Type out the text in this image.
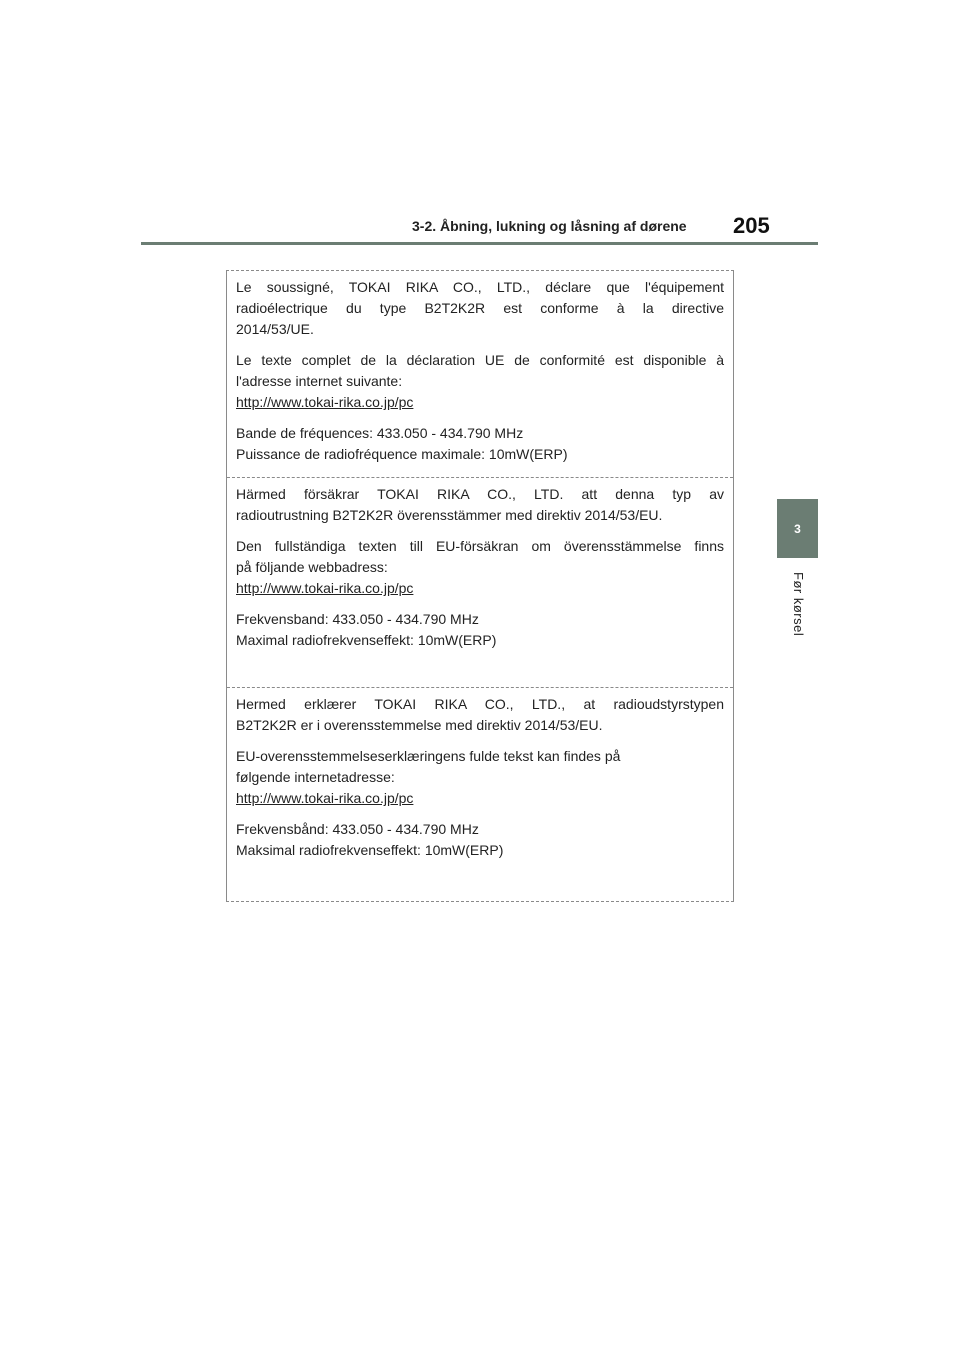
3-2. Åbning, lukning og låsning af dørene 205
3
Før kørsel

Le soussigné, TOKAI RIKA CO., LTD., déclare que l'équipement
radioélectrique du type B2T2K2R est conforme à la directive
2014/53/UE.

Le texte complet de la déclaration UE de conformité est disponible à
l'adresse internet suivante:
http://www.tokai-rika.co.jp/pc

Bande de fréquences: 433.050 - 434.790 MHz
Puissance de radiofréquence maximale: 10mW(ERP)

Härmed försäkrar TOKAI RIKA CO., LTD. att denna typ av
radioutrustning B2T2K2R överensstämmer med direktiv 2014/53/EU.

Den fullständiga texten till EU-försäkran om överensstämmelse finns
på följande webbadress:
http://www.tokai-rika.co.jp/pc

Frekvensband: 433.050 - 434.790 MHz
Maximal radiofrekvenseffekt: 10mW(ERP)

Hermed erklærer TOKAI RIKA CO., LTD., at radioudstyrstypen
B2T2K2R er i overensstemmelse med direktiv 2014/53/EU.

EU-overensstemmelseserklæringens fulde tekst kan findes på
følgende internetadresse:
http://www.tokai-rika.co.jp/pc

Frekvensbånd: 433.050 - 434.790 MHz
Maksimal radiofrekvenseffekt: 10mW(ERP)
